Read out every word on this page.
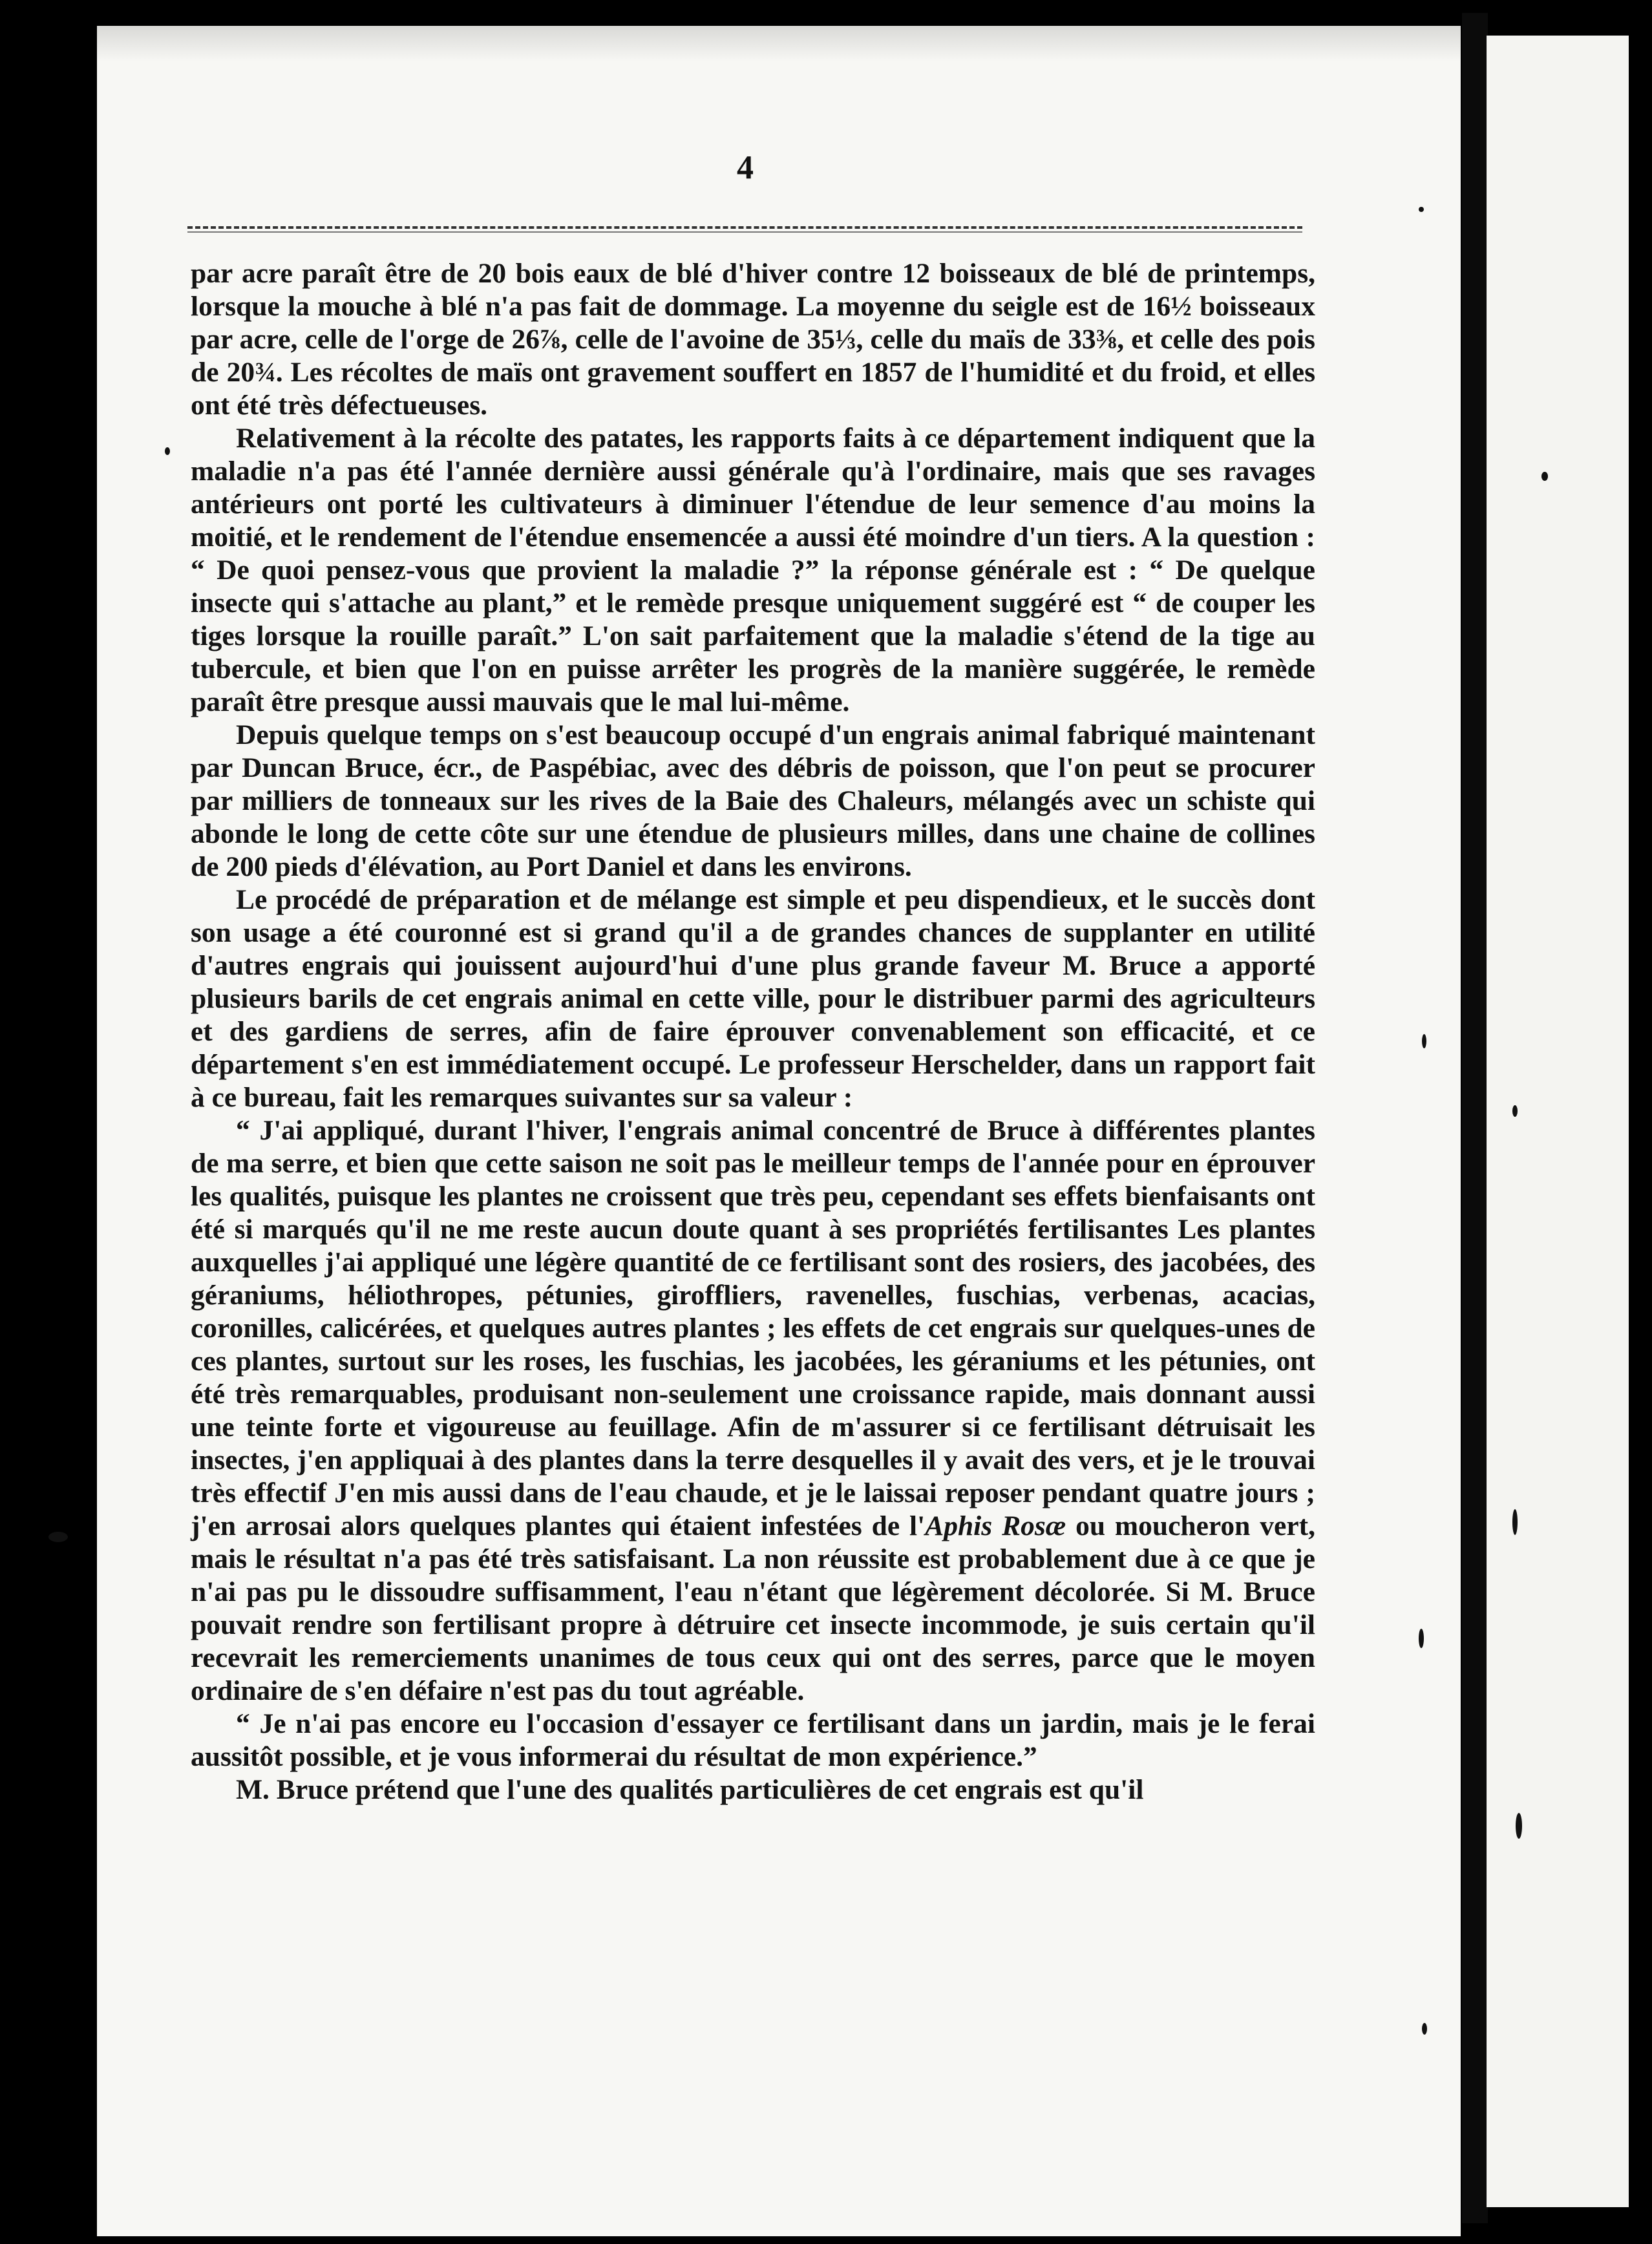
4

par acre paraît être de 20 bois eaux de blé d'hiver contre 12 boisseaux de blé de printemps, lorsque la mouche à blé n'a pas fait de dommage. La moyenne du seigle est de 16½ boisseaux par acre, celle de l'orge de 26⅞, celle de l'avoine de 35⅓, celle du maïs de 33⅜, et celle des pois de 20¾. Les récoltes de maïs ont gravement souffert en 1857 de l'humidité et du froid, et elles ont été très défectueuses.

Relativement à la récolte des patates, les rapports faits à ce département indiquent que la maladie n'a pas été l'année dernière aussi générale qu'à l'ordinaire, mais que ses ravages antérieurs ont porté les cultivateurs à diminuer l'étendue de leur semence d'au moins la moitié, et le rendement de l'étendue ensemencée a aussi été moindre d'un tiers. A la question : “ De quoi pensez-vous que provient la maladie ?” la réponse générale est : “ De quelque insecte qui s'attache au plant,” et le remède presque uniquement suggéré est “ de couper les tiges lorsque la rouille paraît.” L'on sait parfaitement que la maladie s'étend de la tige au tubercule, et bien que l'on en puisse arrêter les progrès de la manière suggérée, le remède paraît être presque aussi mauvais que le mal lui-même.

Depuis quelque temps on s'est beaucoup occupé d'un engrais animal fabriqué maintenant par Duncan Bruce, écr., de Paspébiac, avec des débris de poisson, que l'on peut se procurer par milliers de tonneaux sur les rives de la Baie des Chaleurs, mélangés avec un schiste qui abonde le long de cette côte sur une étendue de plusieurs milles, dans une chaine de collines de 200 pieds d'élévation, au Port Daniel et dans les environs.

Le procédé de préparation et de mélange est simple et peu dispendieux, et le succès dont son usage a été couronné est si grand qu'il a de grandes chances de supplanter en utilité d'autres engrais qui jouissent aujourd'hui d'une plus grande faveur M. Bruce a apporté plusieurs barils de cet engrais animal en cette ville, pour le distribuer parmi des agriculteurs et des gardiens de serres, afin de faire éprouver convenablement son efficacité, et ce département s'en est immédiatement occupé. Le professeur Herschelder, dans un rapport fait à ce bureau, fait les remarques suivantes sur sa valeur :

“ J'ai appliqué, durant l'hiver, l'engrais animal concentré de Bruce à différentes plantes de ma serre, et bien que cette saison ne soit pas le meilleur temps de l'année pour en éprouver les qualités, puisque les plantes ne croissent que très peu, cependant ses effets bienfaisants ont été si marqués qu'il ne me reste aucun doute quant à ses propriétés fertilisantes Les plantes auxquelles j'ai appliqué une légère quantité de ce fertilisant sont des rosiers, des jacobées, des géraniums, héliothropes, pétunies, giroffliers, ravenelles, fuschias, verbenas, acacias, coronilles, calicérées, et quelques autres plantes ; les effets de cet engrais sur quelques-unes de ces plantes, surtout sur les roses, les fuschias, les jacobées, les géraniums et les pétunies, ont été très remarquables, produisant non-seulement une croissance rapide, mais donnant aussi une teinte forte et vigoureuse au feuillage. Afin de m'assurer si ce fertilisant détruisait les insectes, j'en appliquai à des plantes dans la terre desquelles il y avait des vers, et je le trouvai très effectif J'en mis aussi dans de l'eau chaude, et je le laissai reposer pendant quatre jours ; j'en arrosai alors quelques plantes qui étaient infestées de l'Aphis Rosæ ou moucheron vert, mais le résultat n'a pas été très satisfaisant. La non réussite est probablement due à ce que je n'ai pas pu le dissoudre suffisamment, l'eau n'étant que légèrement décolorée. Si M. Bruce pouvait rendre son fertilisant propre à détruire cet insecte incommode, je suis certain qu'il recevrait les remerciements unanimes de tous ceux qui ont des serres, parce que le moyen ordinaire de s'en défaire n'est pas du tout agréable.

“ Je n'ai pas encore eu l'occasion d'essayer ce fertilisant dans un jardin, mais je le ferai aussitôt possible, et je vous informerai du résultat de mon expérience.”

M. Bruce prétend que l'une des qualités particulières de cet engrais est qu'il
